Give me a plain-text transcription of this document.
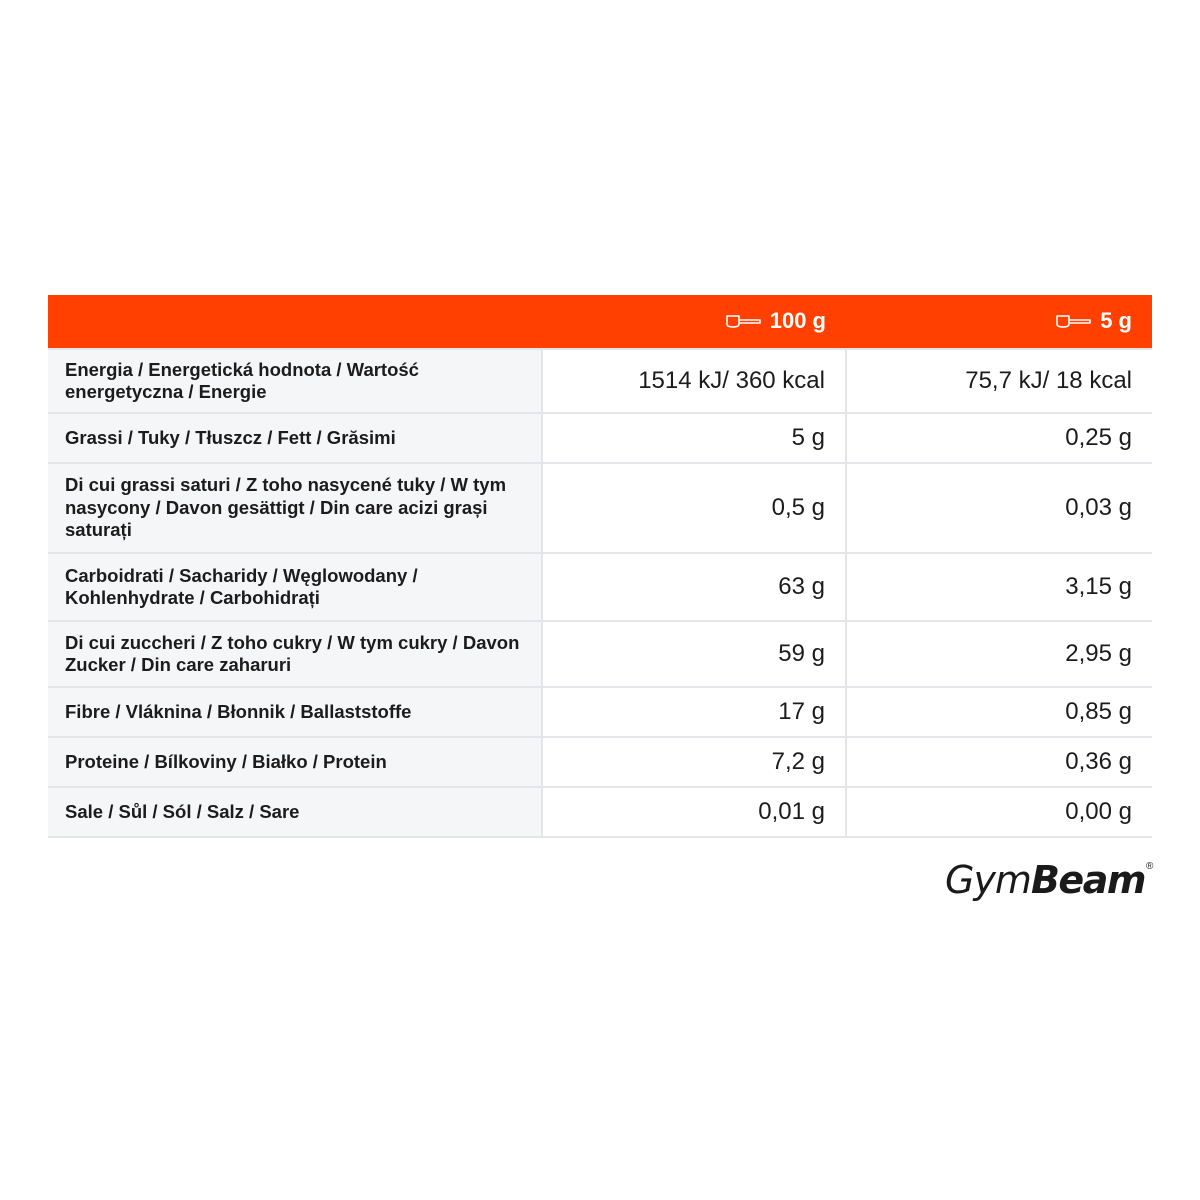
	100 g	5 g

Energia / Energetická hodnota / Wartość energetyczna / Energie	1514 kJ/ 360 kcal	75,7 kJ/ 18 kcal
Grassi / Tuky / Tłuszcz / Fett / Grăsimi	5 g	0,25 g
Di cui grassi saturi / Z toho nasycené tuky / W tym nasycony / Davon gesättigt / Din care acizi grași saturați	0,5 g	0,03 g
Carboidrati / Sacharidy / Węglowodany / Kohlenhydrate / Carbohidrați	63 g	3,15 g
Di cui zuccheri / Z toho cukry / W tym cukry / Davon Zucker / Din care zaharuri	59 g	2,95 g
Fibre / Vláknina / Błonnik / Ballaststoffe	17 g	0,85 g
Proteine / Bílkoviny / Białko / Protein	7,2 g	0,36 g
Sale / Sůl / Sól / Salz / Sare	0,01 g	0,00 g
Gym Beam ®
